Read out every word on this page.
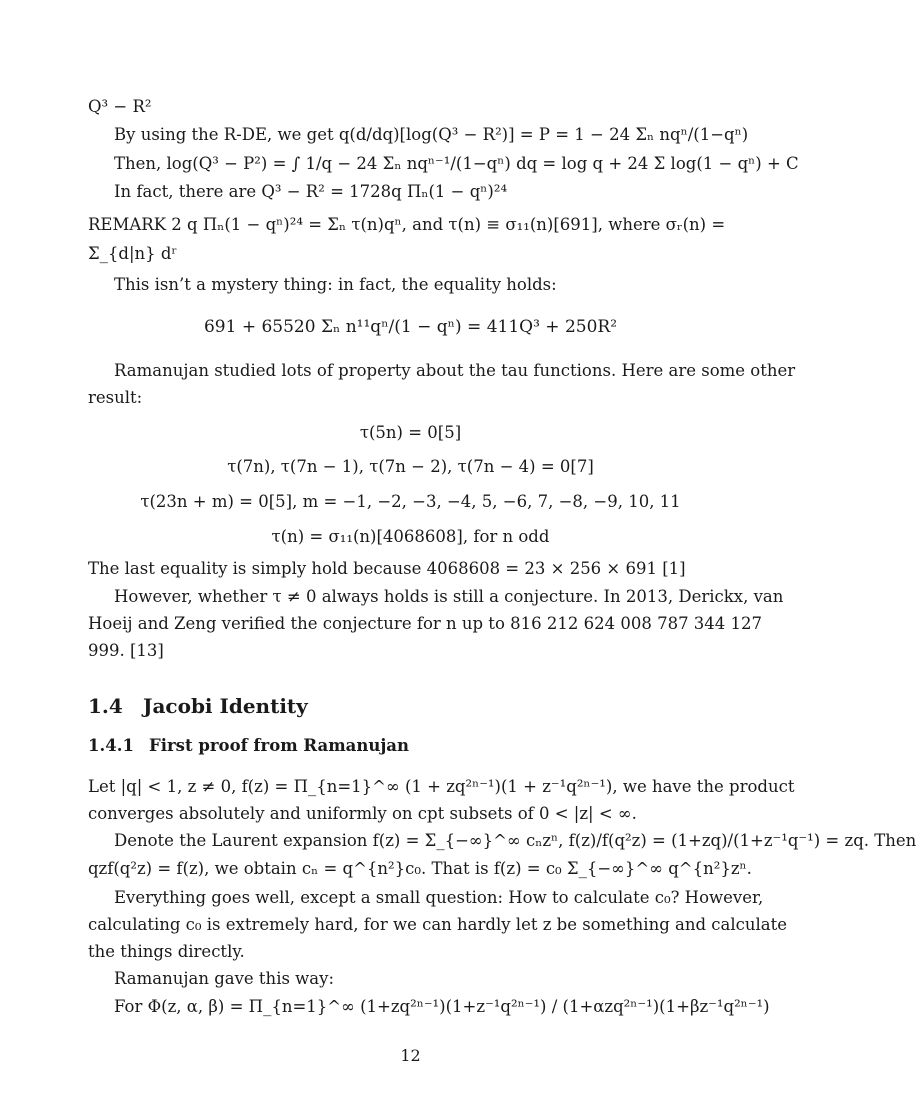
Q³ − R²
By using the R-DE, we get q(d/dq)[log(Q³ − R²)] = P = 1 − 24 Σₙ nqⁿ/(1−qⁿ)
Then, log(Q³ − P²) = ∫ 1/q − 24 Σₙ nqⁿ⁻¹/(1−qⁿ) dq = log q + 24 Σ log(1 − qⁿ) + C
In fact, there are Q³ − R² = 1728q Πₙ(1 − qⁿ)²⁴
REMARK 2 q Πₙ(1 − qⁿ)²⁴ = Σₙ τ(n)qⁿ, and τ(n) ≡ σ₁₁(n)[691], where σᵣ(n) =
Σ_{d|n} dʳ
This isn’t a mystery thing: in fact, the equality holds:
691 + 65520 Σₙ n¹¹qⁿ/(1 − qⁿ) = 411Q³ + 250R²
Ramanujan studied lots of property about the tau functions. Here are some other
result:
τ(5n) = 0[5]
τ(7n), τ(7n − 1), τ(7n − 2), τ(7n − 4) = 0[7]
τ(23n + m) = 0[5], m = −1, −2, −3, −4, 5, −6, 7, −8, −9, 10, 11
τ(n) = σ₁₁(n)[4068608], for n odd
The last equality is simply hold because 4068608 = 23 × 256 × 691 [1]
However, whether τ ≠ 0 always holds is still a conjecture. In 2013, Derickx, van
Hoeij and Zeng verified the conjecture for n up to 816 212 624 008 787 344 127
999. [13]
1.4 Jacobi Identity
1.4.1 First proof from Ramanujan
Let |q| < 1, z ≠ 0, f(z) = Π_{n=1}^∞ (1 + zq²ⁿ⁻¹)(1 + z⁻¹q²ⁿ⁻¹), we have the product
converges absolutely and uniformly on cpt subsets of 0 < |z| < ∞.
Denote the Laurent expansion f(z) = Σ_{−∞}^∞ cₙzⁿ, f(z)/f(q²z) = (1+zq)/(1+z⁻¹q⁻¹) = zq. Then
qzf(q²z) = f(z), we obtain cₙ = q^{n²}c₀. That is f(z) = c₀ Σ_{−∞}^∞ q^{n²}zⁿ.
Everything goes well, except a small question: How to calculate c₀? However,
calculating c₀ is extremely hard, for we can hardly let z be something and calculate
the things directly.
Ramanujan gave this way:
For Φ(z, α, β) = Π_{n=1}^∞ (1+zq²ⁿ⁻¹)(1+z⁻¹q²ⁿ⁻¹) / (1+αzq²ⁿ⁻¹)(1+βz⁻¹q²ⁿ⁻¹)
12
